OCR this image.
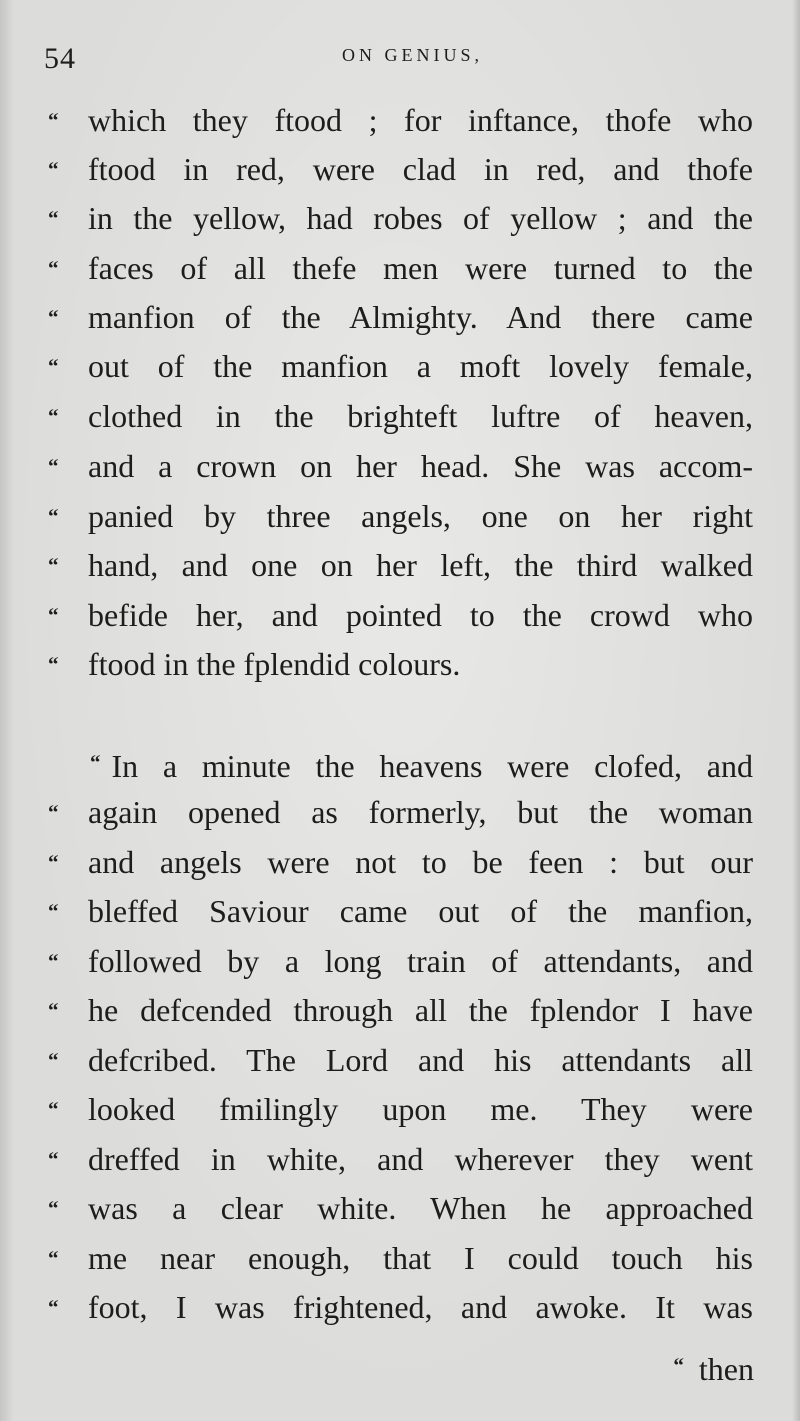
54	ON GENIUS,
“ which they ftood ; for inftance, thofe who
“ ftood in red, were clad in red, and thofe
“ in the yellow, had robes of yellow ; and the
“ faces of all thefe men were turned to the
“ manfion of the Almighty. And there came
“ out of the manfion a moft lovely female,
“ clothed in the brighteft luftre of heaven,
“ and a crown on her head. She was accom-
“ panied by three angels, one on her right
“ hand, and one on her left, the third walked
“ befide her, and pointed to the crowd who
“ ftood in the fplendid colours.
“ In a minute the heavens were clofed, and
“ again opened as formerly, but the woman
“ and angels were not to be feen : but our
“ bleffed Saviour came out of the manfion,
“ followed by a long train of attendants, and
“ he defcended through all the fplendor I have
“ defcribed. The Lord and his attendants all
“ looked fmilingly upon me. They were
“ dreffed in white, and wherever they went
“ was a clear white. When he approached
“ me near enough, that I could touch his
“ foot, I was frightened, and awoke. It was
“ then
